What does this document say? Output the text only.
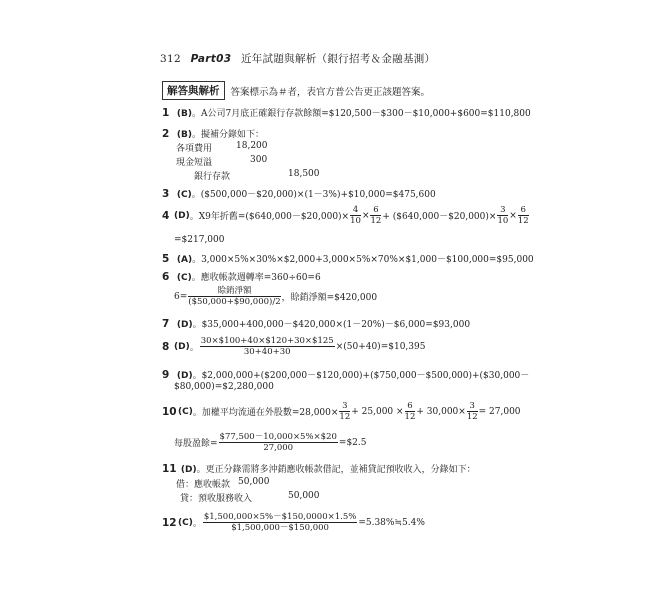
312 Part03 近年試題與解析（銀行招考＆金融基測）
解答與解析	答案標示為＃者，表官方普公告更正該題答案。
1 (B)。A公司7月底正確銀行存款餘額=$120,500－$300－$10,000+$600=$110,800
2 (B)。擬補分錄如下：
各項費用	18,200
現金短溢	300
銀行存款	18,500
3 (C)。($500,000－$20,000)×(1－3%)+$10,000=$475,600
4 (D) 。X9年折舊=($640,000－$20,000)× $\frac{4}{10} \times \frac{6}{12}$ + ($640,000－$20,000)× $\frac{3}{10} \times \frac{6}{12}$
=$217,000
5 (A)。3,000×5%×30%×$2,000+3,000×5%×70%×$1,000－$100,000=$95,000
6 (C)。應收帳款週轉率=360÷60=6
$6= \frac{\text{賒銷淨額}}{(\$50,000+\$90,000)/2}$ ，賒銷淨額=$420,000
7 (D)。$35,000+400,000－$420,000×(1－20%)－$6,000=$93,000
8 (D) 。 $\frac{30\times\$100+40\times\$120+30\times\$125}{30+40+30}$ ×(50+40)=$10,395
9 (D)。$2,000,000+($200,000－$120,000)+($750,000－$500,000)+($30,000－
$80,000)=$2,280,000
10 (C) 。加權平均流通在外股數$=28,000\times \frac{3}{12} + 25,000 \times \frac{6}{12} + 30,000\times \frac{3}{12} = 27,000$
每股盈餘= $\frac{\$77,500-10,000\times 5\%\times\$20}{27,000}$ =$2.5
11 (D)。更正分錄需將多沖銷應收帳款借記，並補貸記預收收入，分錄如下：
借：應收帳款 50,000
貸：預收服務收入	50,000
12 (C) 。 $\frac{\$1,500,000\times 5\%-\$150,0000\times 1.5\%}{\$1,500,000-\$150,000}$ =5.38%≒5.4%
